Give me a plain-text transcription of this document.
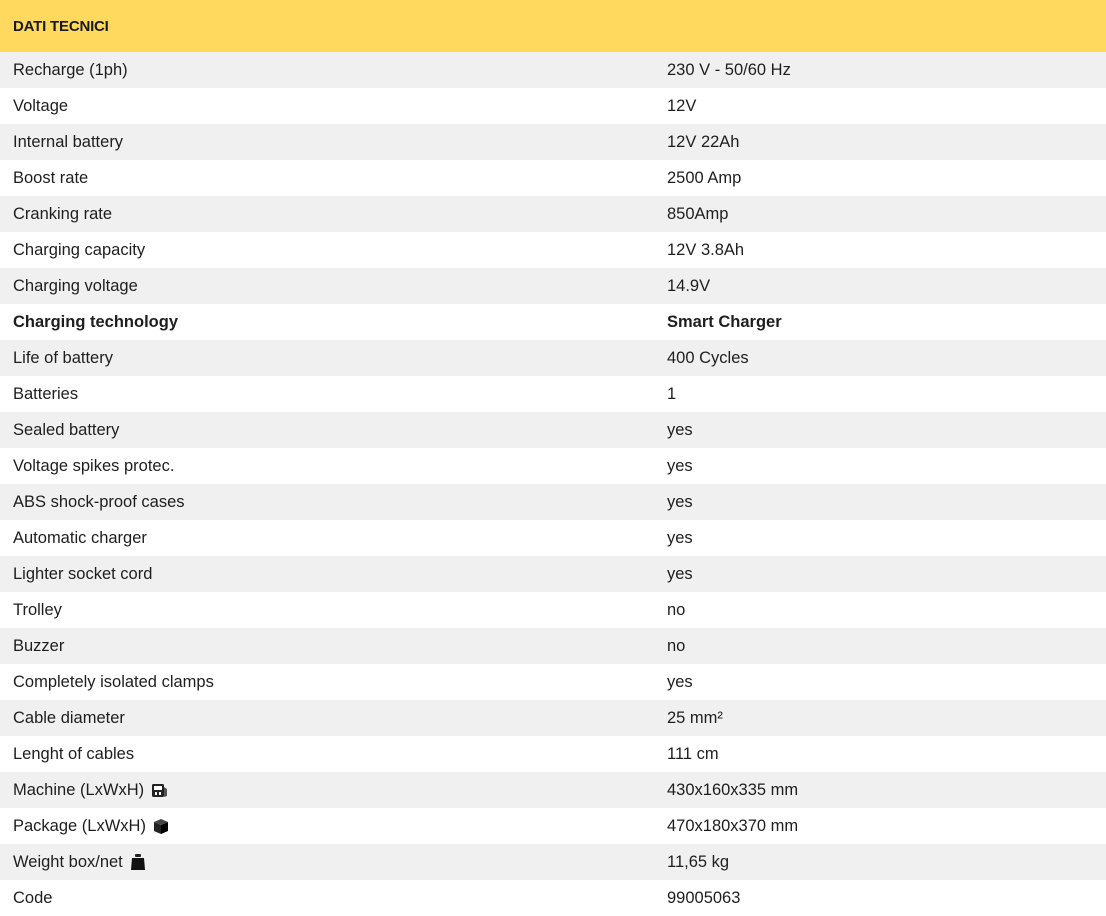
DATI TECNICI
Recharge (1ph)	230 V - 50/60 Hz
Voltage	12V
Internal battery	12V 22Ah
Boost rate	2500 Amp
Cranking rate	850Amp
Charging capacity	12V 3.8Ah
Charging voltage	14.9V
Charging technology	Smart Charger
Life of battery	400 Cycles
Batteries	1
Sealed battery	yes
Voltage spikes protec.	yes
ABS shock-proof cases	yes
Automatic charger	yes
Lighter socket cord	yes
Trolley	no
Buzzer	no
Completely isolated clamps	yes
Cable diameter	25 mm²
Lenght of cables	111 cm
Machine (LxWxH)	430x160x335 mm
Package (LxWxH)	470x180x370 mm
Weight box/net	11,65 kg
Code	99005063
